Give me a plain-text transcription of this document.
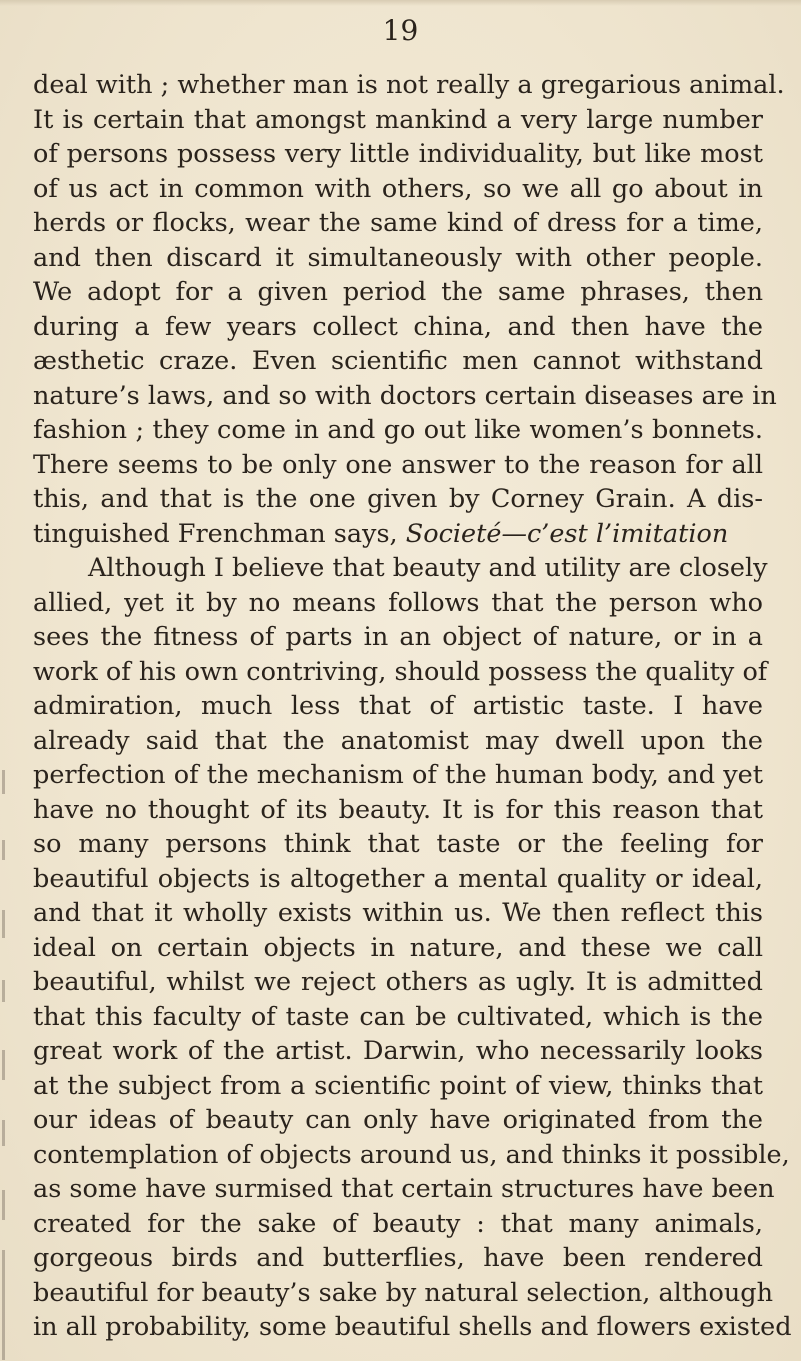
19
deal with ; whether man is not really a gregarious animal.
It is certain that amongst mankind a very large number
of persons possess very little individuality, but like most
of us act in common with others, so we all go about in
herds or flocks, wear the same kind of dress for a time,
and then discard it simultaneously with other people.
We adopt for a given period the same phrases, then
during a few years collect china, and then have the
æsthetic craze. Even scientific men cannot withstand
nature’s laws, and so with doctors certain diseases are in
fashion ; they come in and go out like women’s bonnets.
There seems to be only one answer to the reason for all
this, and that is the one given by Corney Grain. A dis-
tinguished Frenchman says, Societé—c’est l’imitation
Although I believe that beauty and utility are closely
allied, yet it by no means follows that the person who
sees the fitness of parts in an object of nature, or in a
work of his own contriving, should possess the quality of
admiration, much less that of artistic taste. I have
already said that the anatomist may dwell upon the
perfection of the mechanism of the human body, and yet
have no thought of its beauty. It is for this reason that
so many persons think that taste or the feeling for
beautiful objects is altogether a mental quality or ideal,
and that it wholly exists within us. We then reflect this
ideal on certain objects in nature, and these we call
beautiful, whilst we reject others as ugly. It is admitted
that this faculty of taste can be cultivated, which is the
great work of the artist. Darwin, who necessarily looks
at the subject from a scientific point of view, thinks that
our ideas of beauty can only have originated from the
contemplation of objects around us, and thinks it possible,
as some have surmised that certain structures have been
created for the sake of beauty : that many animals,
gorgeous birds and butterflies, have been rendered
beautiful for beauty’s sake by natural selection, although
in all probability, some beautiful shells and flowers existed
